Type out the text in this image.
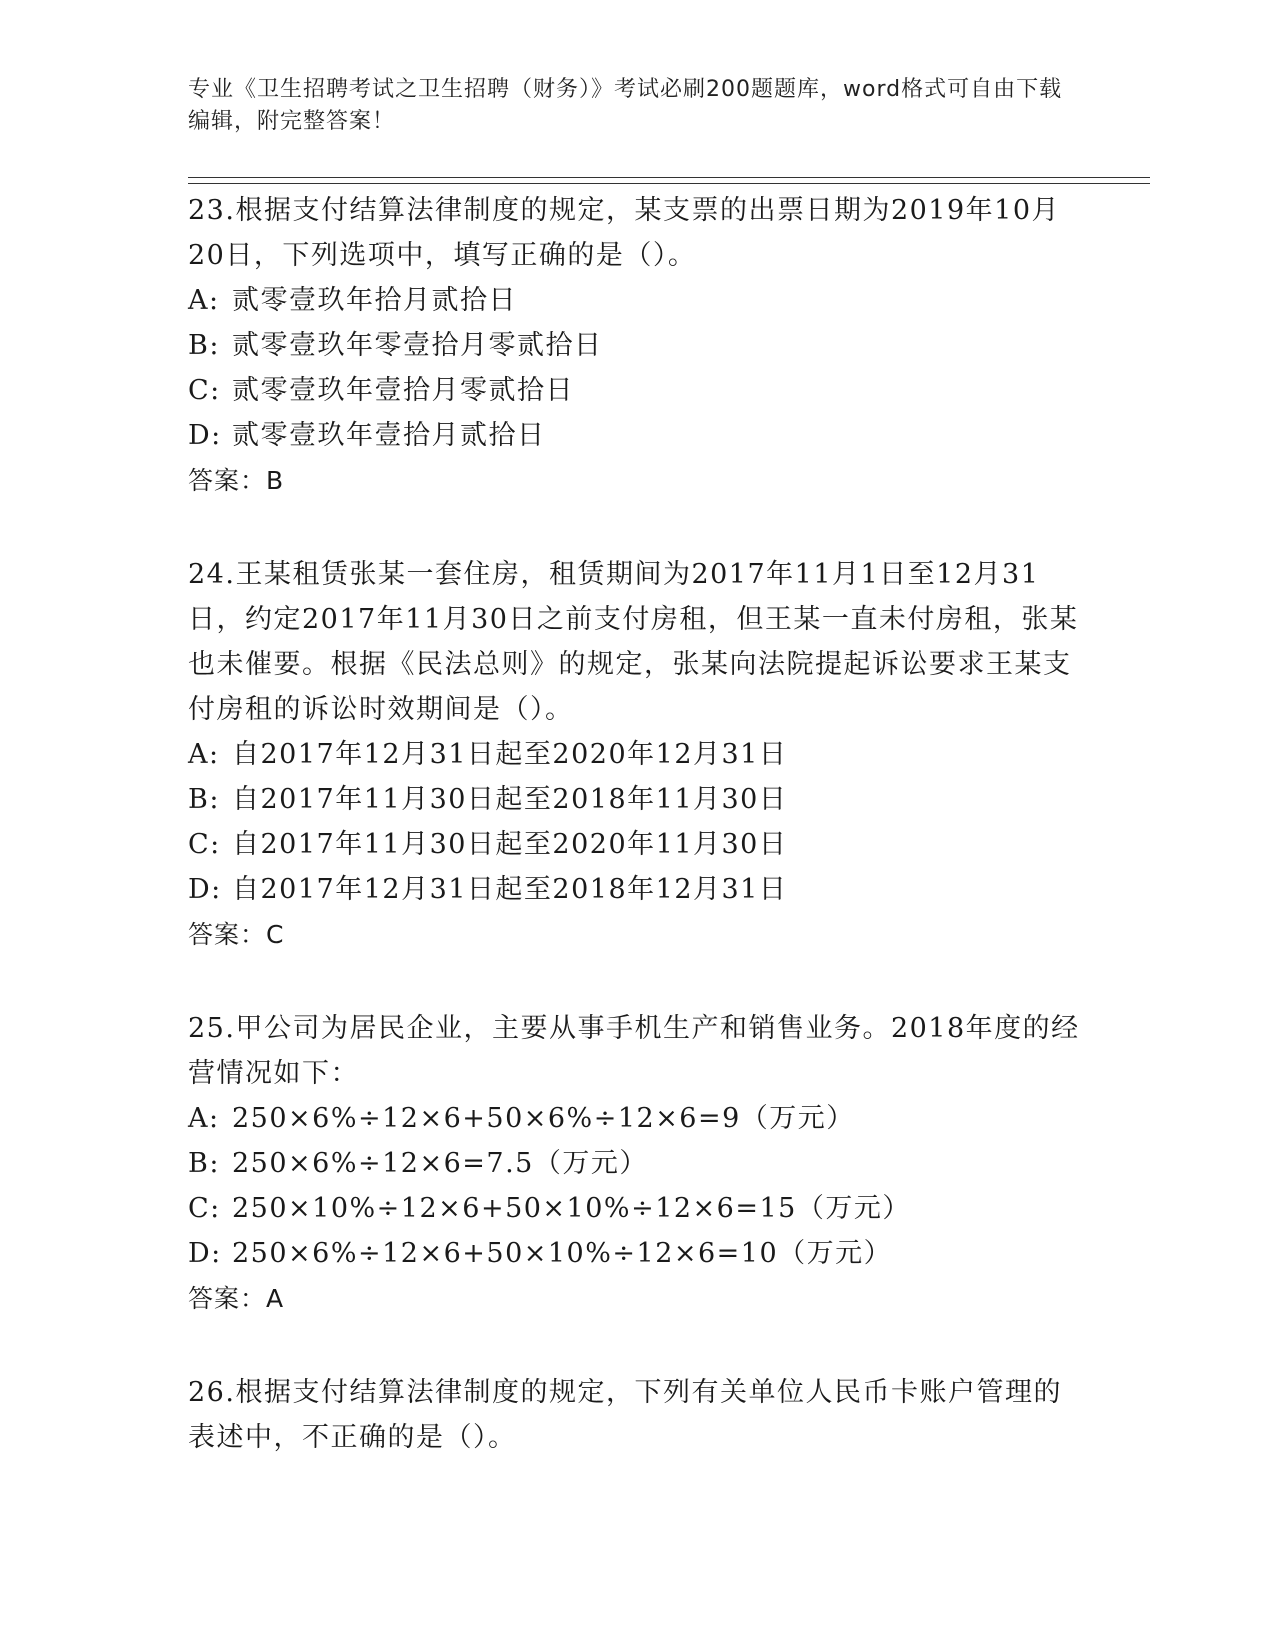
专业《卫生招聘考试之卫生招聘（财务）》考试必刷200题题库，word格式可自由下载编辑，附完整答案！

23.根据支付结算法律制度的规定，某支票的出票日期为2019年10月20日，下列选项中，填写正确的是（）。

A: 贰零壹玖年拾月贰拾日

B: 贰零壹玖年零壹拾月零贰拾日

C: 贰零壹玖年壹拾月零贰拾日

D: 贰零壹玖年壹拾月贰拾日

答案：B

24.王某租赁张某一套住房，租赁期间为2017年11月1日至12月31日，约定2017年11月30日之前支付房租，但王某一直未付房租，张某也未催要。根据《民法总则》的规定，张某向法院提起诉讼要求王某支付房租的诉讼时效期间是（）。

A: 自2017年12月31日起至2020年12月31日

B: 自2017年11月30日起至2018年11月30日

C: 自2017年11月30日起至2020年11月30日

D: 自2017年12月31日起至2018年12月31日

答案：C

25.甲公司为居民企业，主要从事手机生产和销售业务。2018年度的经营情况如下：

A: 250×6%÷12×6+50×6%÷12×6=9（万元）

B: 250×6%÷12×6=7.5（万元）

C: 250×10%÷12×6+50×10%÷12×6=15（万元）

D: 250×6%÷12×6+50×10%÷12×6=10（万元）

答案：A

26.根据支付结算法律制度的规定，下列有关单位人民币卡账户管理的表述中，不正确的是（）。
